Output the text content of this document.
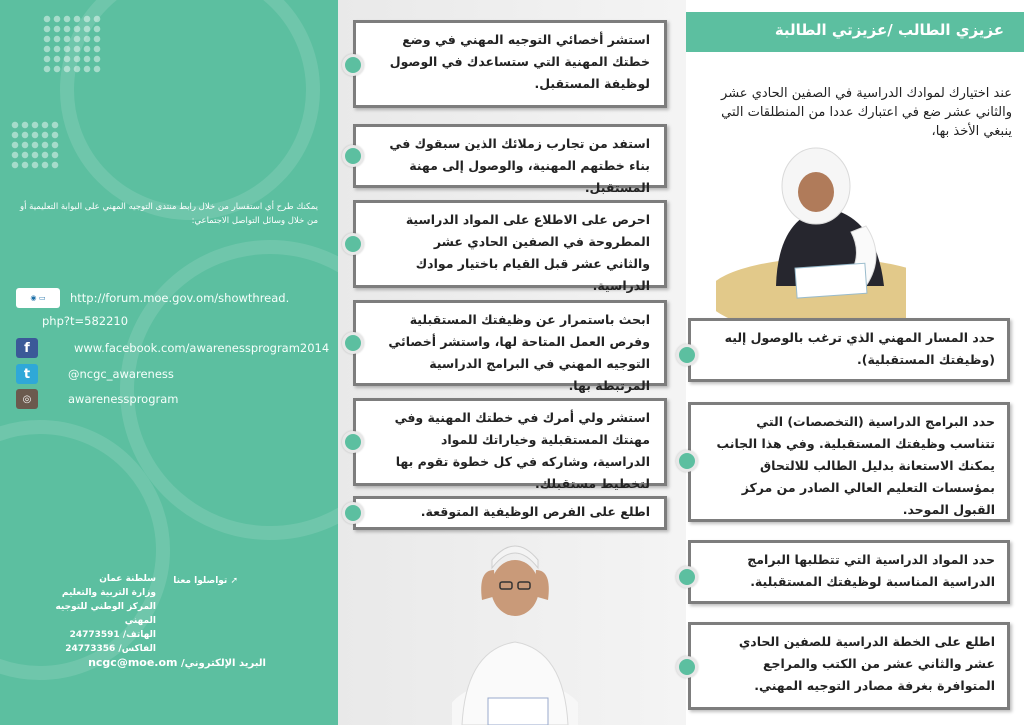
يمكنك طرح أي استفسار من خلال رابط منتدى التوجيه المهني على البوابة التعليمية أو من خلال وسائل التواصل الاجتماعي:
◉ ▭	http://forum.moe.gov.om/showthread.
php?t=582210
f	www.facebook.com/awarenessprogram2014
t	@ncgc_awareness
◎	awarenessprogram
➚ تواصلوا معنا
سلطنة عمان
وزارة التربية والتعليم
المركز الوطني للتوجيه المهني
الهاتف/ 24773591
الفاكس/ 24773356
البريد الإلكتروني/ ncgc@moe.om
استشر أخصائي التوجيه المهني في وضع خطتك المهنية التي ستساعدك في الوصول لوظيفة المستقبل.
استفد من تجارب زملائك الذين سبقوك في بناء خطتهم المهنية، والوصول إلى مهنة المستقبل.
احرص على الاطلاع على المواد الدراسية المطروحة في الصفين الحادي عشر والثاني عشر قبل القيام باختيار موادك الدراسية.
ابحث باستمرار عن وظيفتك المستقبلية وفرص العمل المتاحة لها، واستشر أخصائي التوجيه المهني في البرامج الدراسية المرتبطة بها.
استشر ولي أمرك في خطتك المهنية وفي مهنتك المستقبلية وخياراتك للمواد الدراسية، وشاركه في كل خطوة تقوم بها لتخطيط مستقبلك.
اطلع على الفرص الوظيفية المتوقعة.
عزيزي الطالب /عزيزتي الطالبة
عند اختيارك لموادك الدراسية في الصفين الحادي عشر والثاني عشر ضع في اعتبارك عددا من المنطلقات التي ينبغي الأخذ بها،
حدد المسار المهني الذي ترغب بالوصول إليه (وظيفتك المستقبلية).
حدد البرامج الدراسية (التخصصات) التي تتناسب وظيفتك المستقبلية. وفي هذا الجانب يمكنك الاستعانة بدليل الطالب للالتحاق بمؤسسات التعليم العالي الصادر من مركز القبول الموحد.
حدد المواد الدراسية التي تتطلبها البرامج الدراسية المناسبة لوظيفتك المستقبلية.
اطلع على الخطة الدراسية للصفين الحادي عشر والثاني عشر من الكتب والمراجع المتوافرة بغرفة مصادر التوجيه المهني.
